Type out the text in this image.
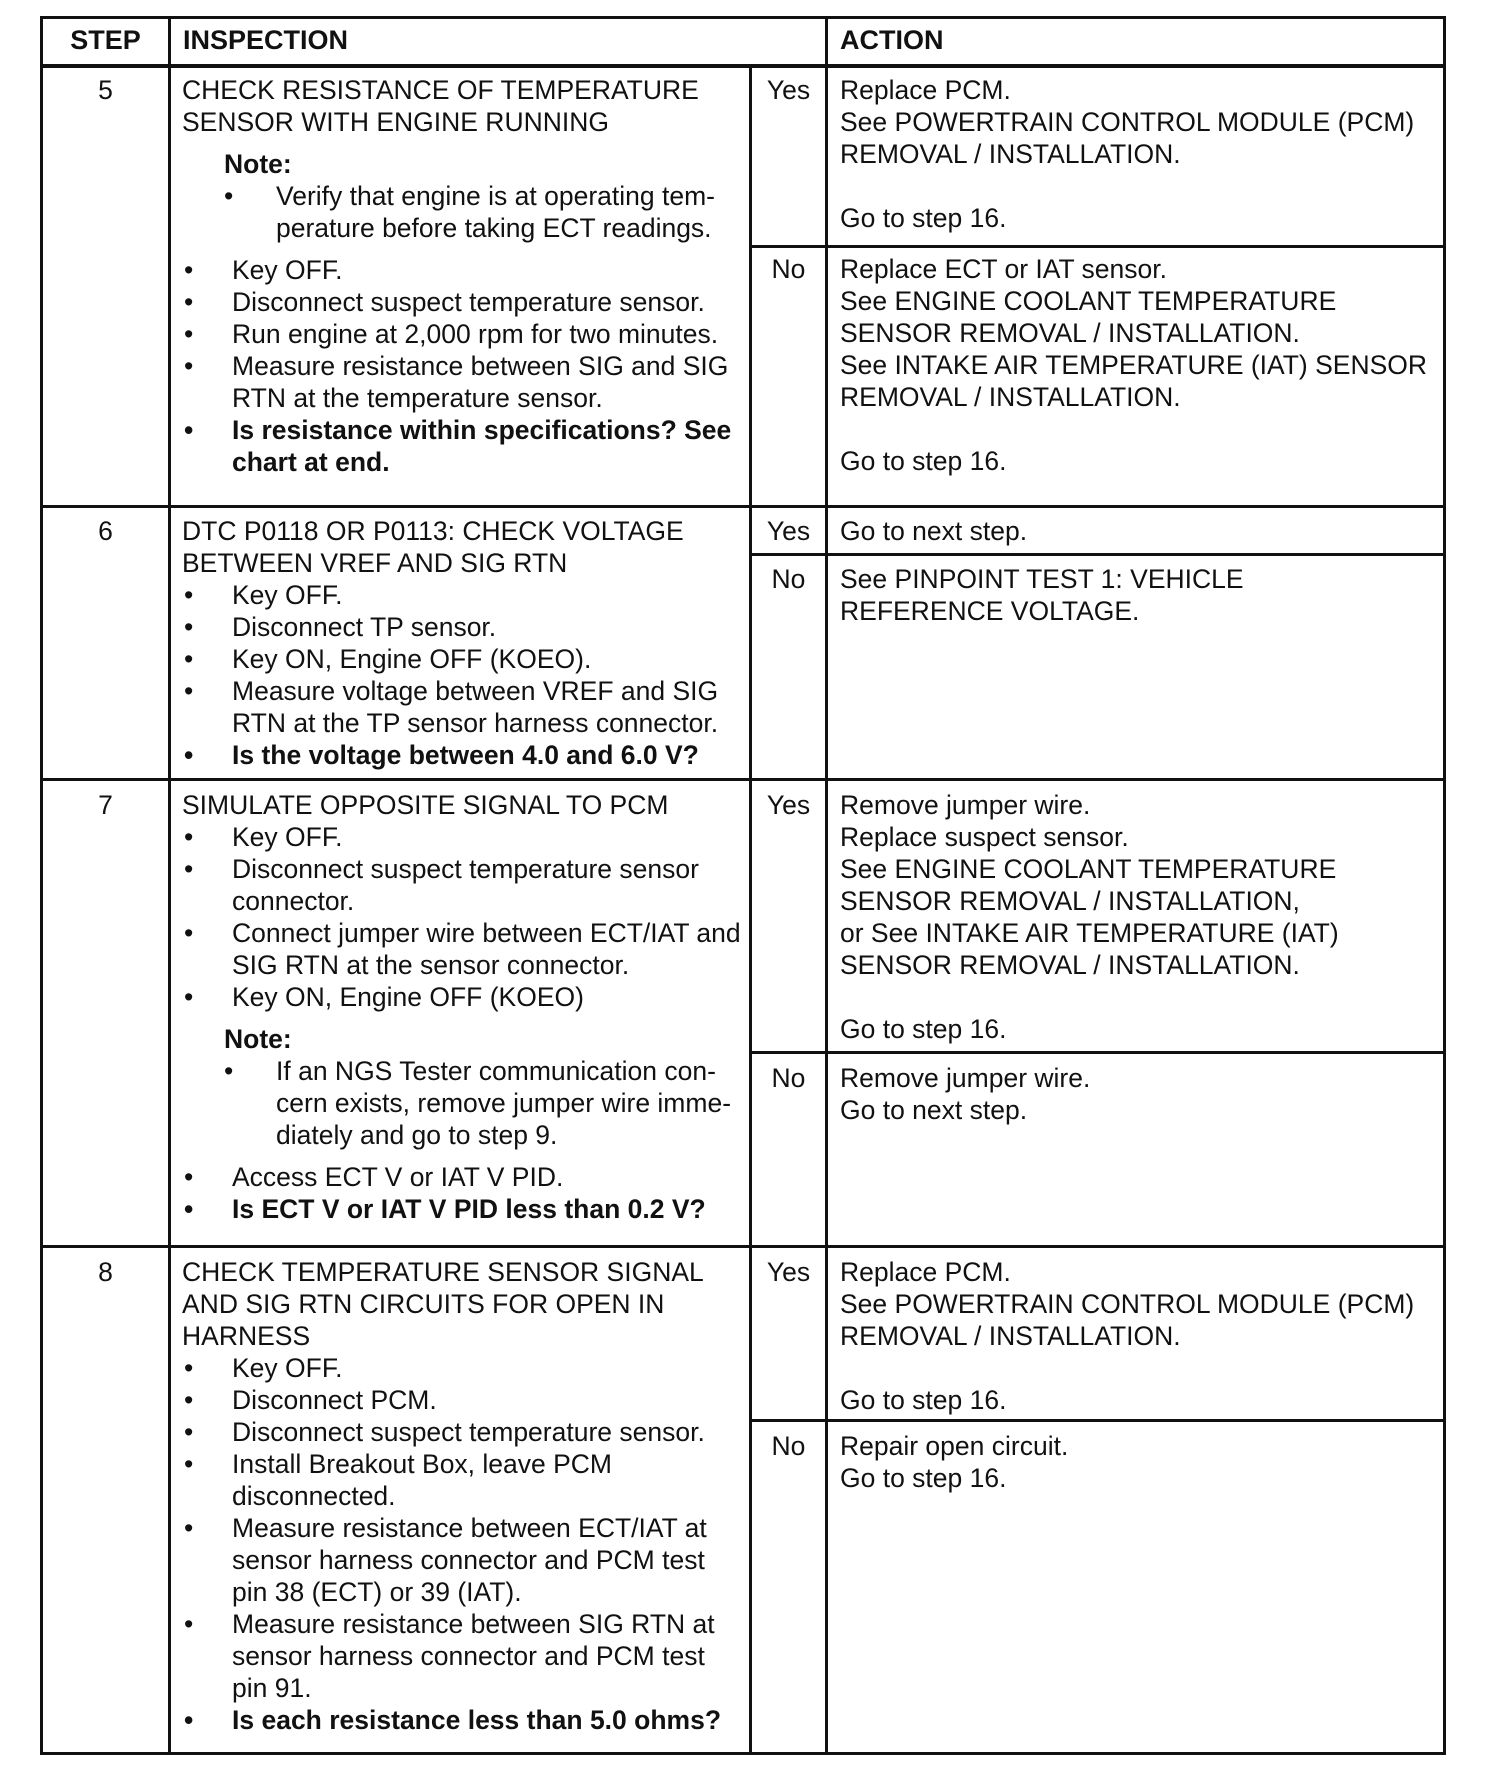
STEP	INSPECTION	ACTION
5	CHECK RESISTANCE OF TEMPERATURE SENSOR WITH ENGINE RUNNING

Note:

• Verify that engine is at operating tem-perature before taking ECT readings.
• Key OFF.
• Disconnect suspect temperature sensor.
• Run engine at 2,000 rpm for two minutes.
• Measure resistance between SIG and SIG RTN at the temperature sensor.
• Is resistance within specifications? See chart at end.
Yes	Replace PCM.

See POWERTRAIN CONTROL MODULE (PCM) REMOVAL / INSTALLATION.

Go to step 16.

No	Replace ECT or IAT sensor.

See ENGINE COOLANT TEMPERATURE SENSOR REMOVAL / INSTALLATION.

See INTAKE AIR TEMPERATURE (IAT) SENSOR REMOVAL / INSTALLATION.

Go to step 16.

6	DTC P0118 OR P0113: CHECK VOLTAGE BETWEEN VREF AND SIG RTN

• Key OFF.
• Disconnect TP sensor.
• Key ON, Engine OFF (KOEO).
• Measure voltage between VREF and SIG RTN at the TP sensor harness connector.
• Is the voltage between 4.0 and 6.0 V?
Yes	Go to next step.

No	See PINPOINT TEST 1: VEHICLE REFERENCE VOLTAGE.

7	SIMULATE OPPOSITE SIGNAL TO PCM

• Key OFF.
• Disconnect suspect temperature sensor connector.
• Connect jumper wire between ECT/IAT and SIG RTN at the sensor connector.
• Key ON, Engine OFF (KOEO)

Note:

• If an NGS Tester communication con-cern exists, remove jumper wire imme-diately and go to step 9.
• Access ECT V or IAT V PID.
• Is ECT V or IAT V PID less than 0.2 V?
Yes	Remove jumper wire.

Replace suspect sensor.

See ENGINE COOLANT TEMPERATURE SENSOR REMOVAL / INSTALLATION,

or See INTAKE AIR TEMPERATURE (IAT) SENSOR REMOVAL / INSTALLATION.

Go to step 16.

No	Remove jumper wire.

Go to next step.

8	CHECK TEMPERATURE SENSOR SIGNAL AND SIG RTN CIRCUITS FOR OPEN IN HARNESS

• Key OFF.
• Disconnect PCM.
• Disconnect suspect temperature sensor.
• Install Breakout Box, leave PCM disconnected.
• Measure resistance between ECT/IAT at sensor harness connector and PCM test pin 38 (ECT) or 39 (IAT).
• Measure resistance between SIG RTN at sensor harness connector and PCM test pin 91.
• Is each resistance less than 5.0 ohms?
Yes	Replace PCM.

See POWERTRAIN CONTROL MODULE (PCM) REMOVAL / INSTALLATION.

Go to step 16.

No	Repair open circuit.

Go to step 16.
